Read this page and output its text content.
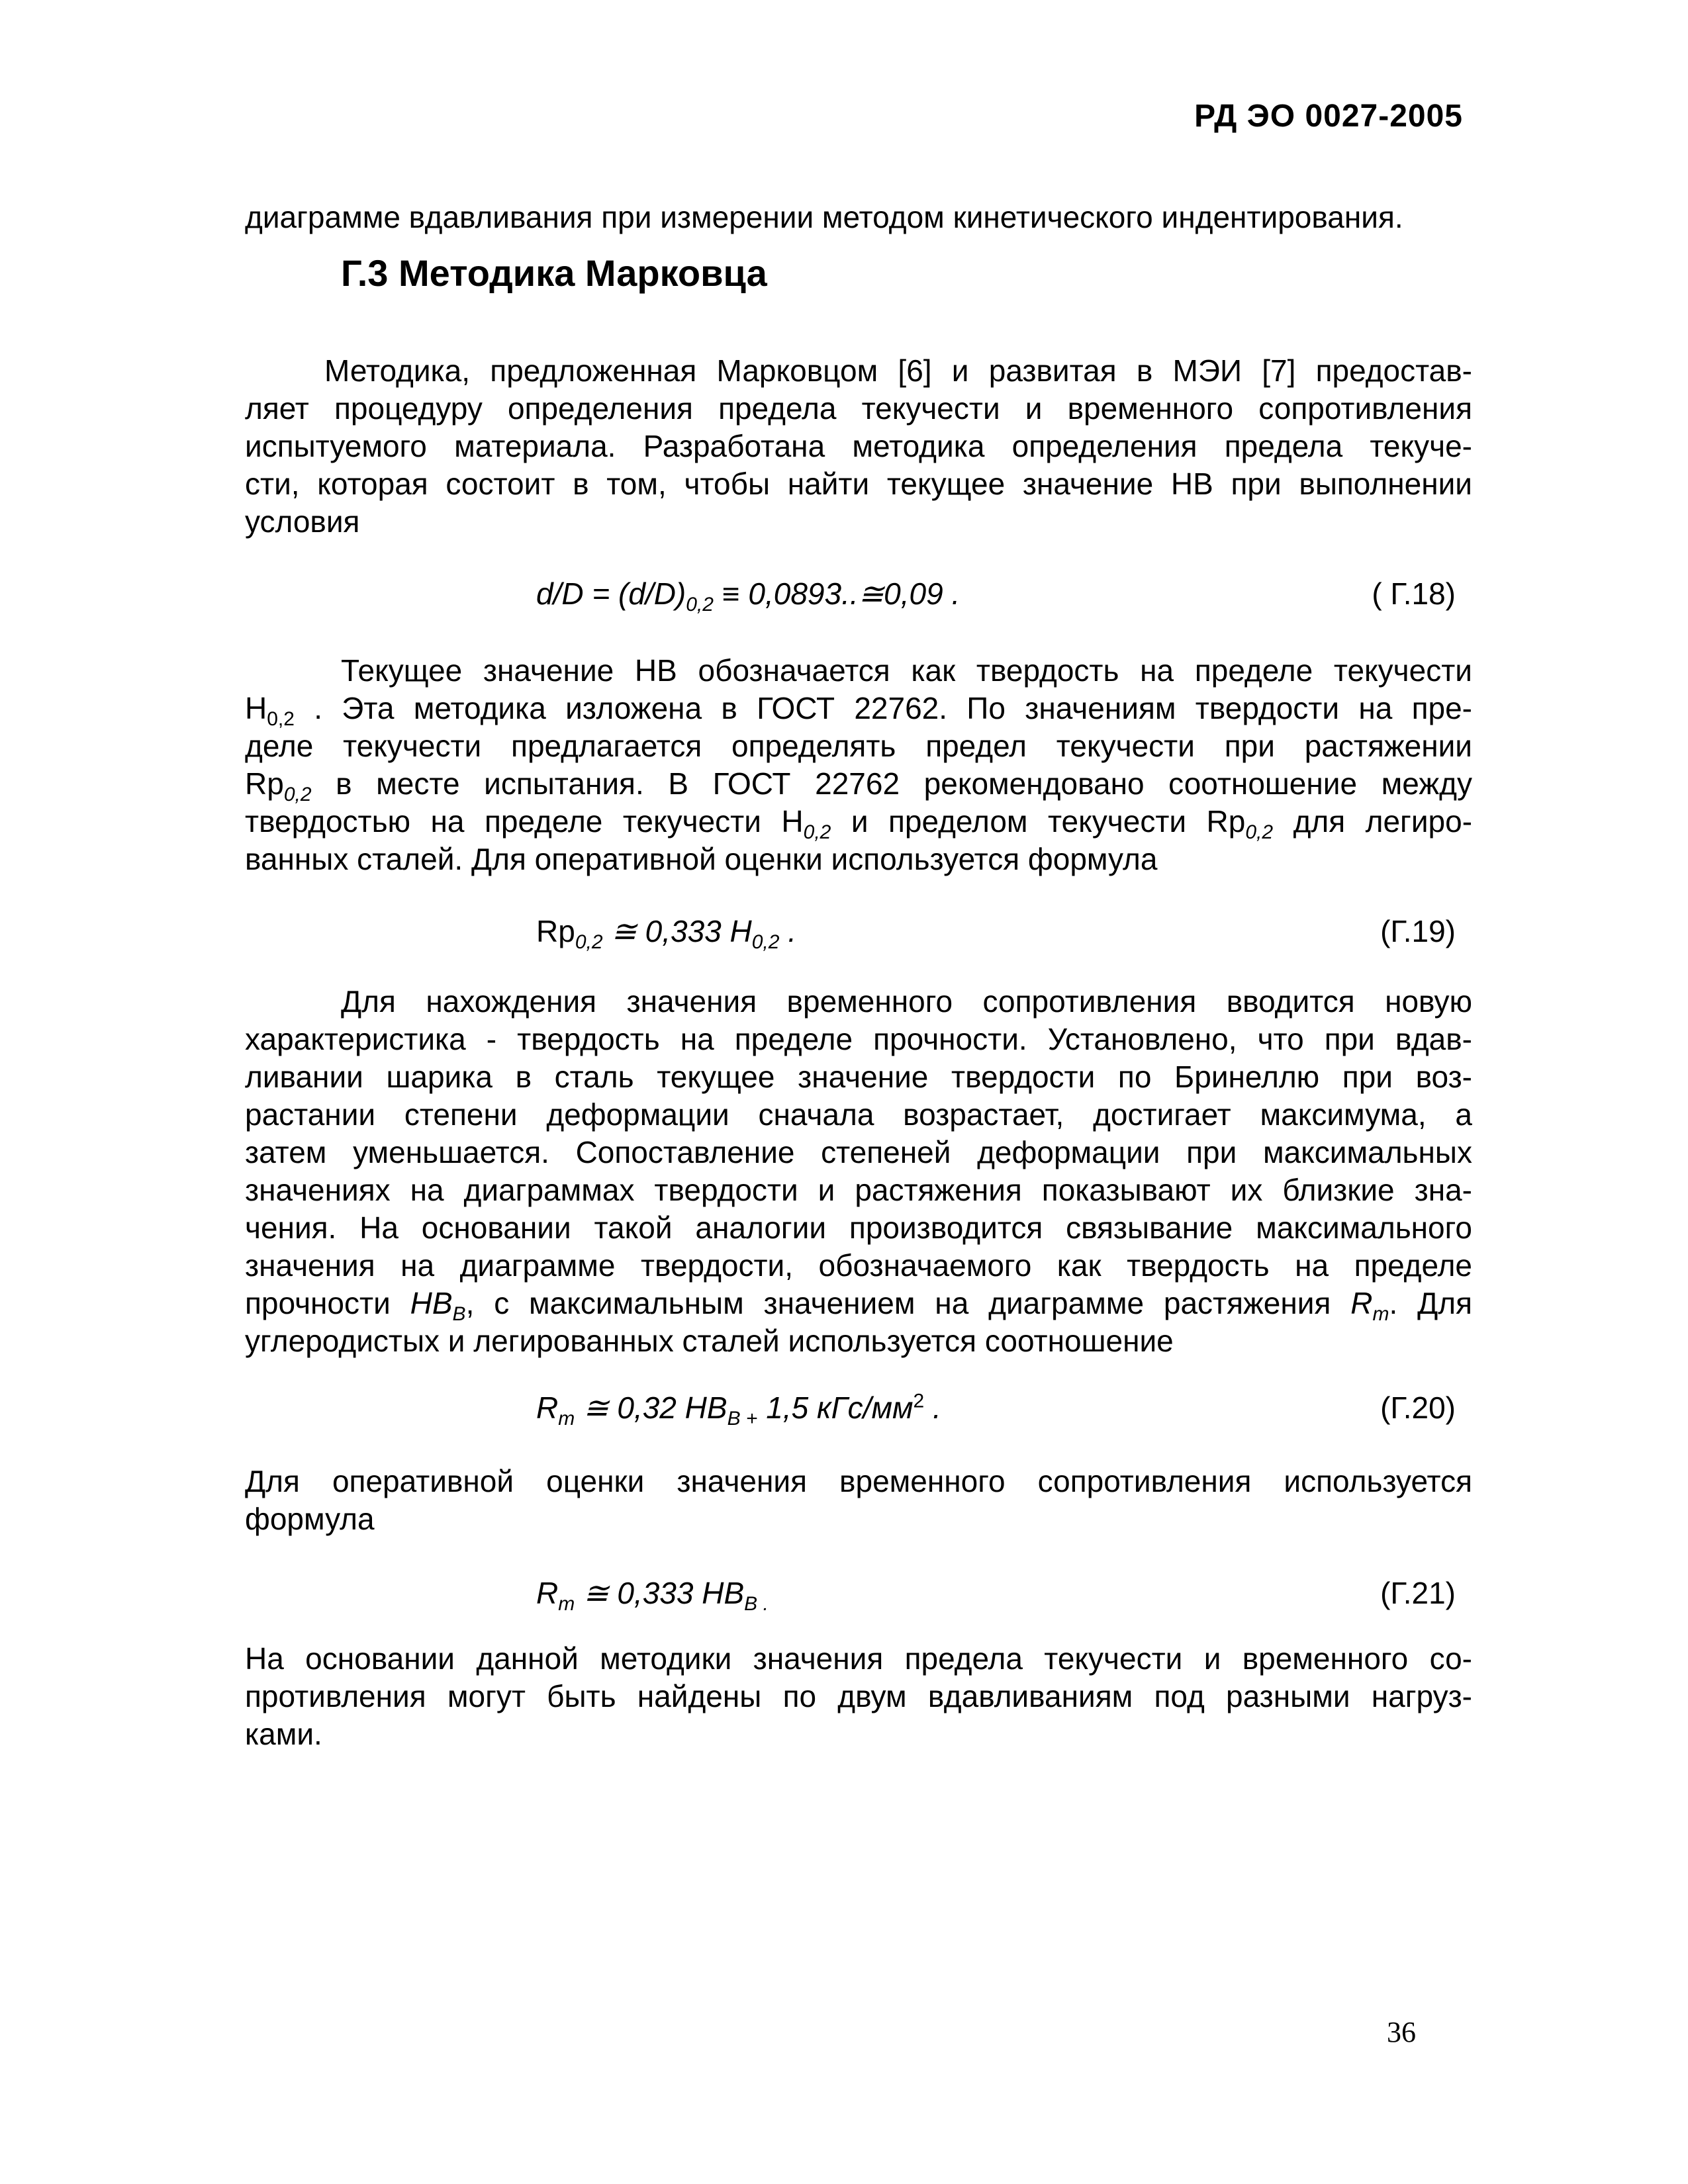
РД ЭО 0027-2005
диаграмме вдавливания при измерении методом кинетического индентирования.
Г.3 Методика Марковца
Методика, предложенная Марковцом [6] и развитая в МЭИ [7] предостав-
ляет процедуру определения предела текучести и временного сопротивления
испытуемого материала. Разработана методика определения предела текуче-
сти, которая состоит в том, чтобы найти текущее значение НВ при выполнении
условия
$d/D = (d/D)_{0,2}$ ≡ 0,0893..≅0,09 .	( Г.18)
Текущее значение НВ обозначается как твердость на пределе текучести
$Н_{0,2}$ . Эта методика изложена в ГОСТ 22762. По значениям твердости на пре-
деле текучести предлагается определять предел текучести при растяжении
$Rp_{0,2}$ в месте испытания. В ГОСТ 22762 рекомендовано соотношение между
твердостью на пределе текучести $Н_{0,2}$ и пределом текучести $Rp_{0,2}$ для легиро-
ванных сталей. Для оперативной оценки используется формула
$Rp_{0,2}$ ≅ 0,333 $Н_{0,2}$ .	(Г.19)
Для нахождения значения временного сопротивления вводится новую
характеристика - твердость на пределе прочности. Установлено, что при вдав-
ливании шарика в сталь текущее значение твердости по Бринеллю при воз-
растании степени деформации сначала возрастает, достигает максимума, а
затем уменьшается. Сопоставление степеней деформации при максимальных
значениях на диаграммах твердости и растяжения показывают их близкие зна-
чения. На основании такой аналогии производится связывание максимального
значения на диаграмме твердости, обозначаемого как твердость на пределе
прочности $НВ_В$, с максимальным значением на диаграмме растяжения $R_m$. Для
углеродистых и легированных сталей используется соотношение
$R_m$ ≅ 0,32 $НВ_{В +}$ 1,5 кГс/$мм^2$ .	(Г.20)
Для оперативной оценки значения временного сопротивления используется
формула
$R_m$ ≅ 0,333 $НВ_{В .}$	(Г.21)
На основании данной методики значения предела текучести и временного со-
противления могут быть найдены по двум вдавливаниям под разными нагруз-
ками.
36
